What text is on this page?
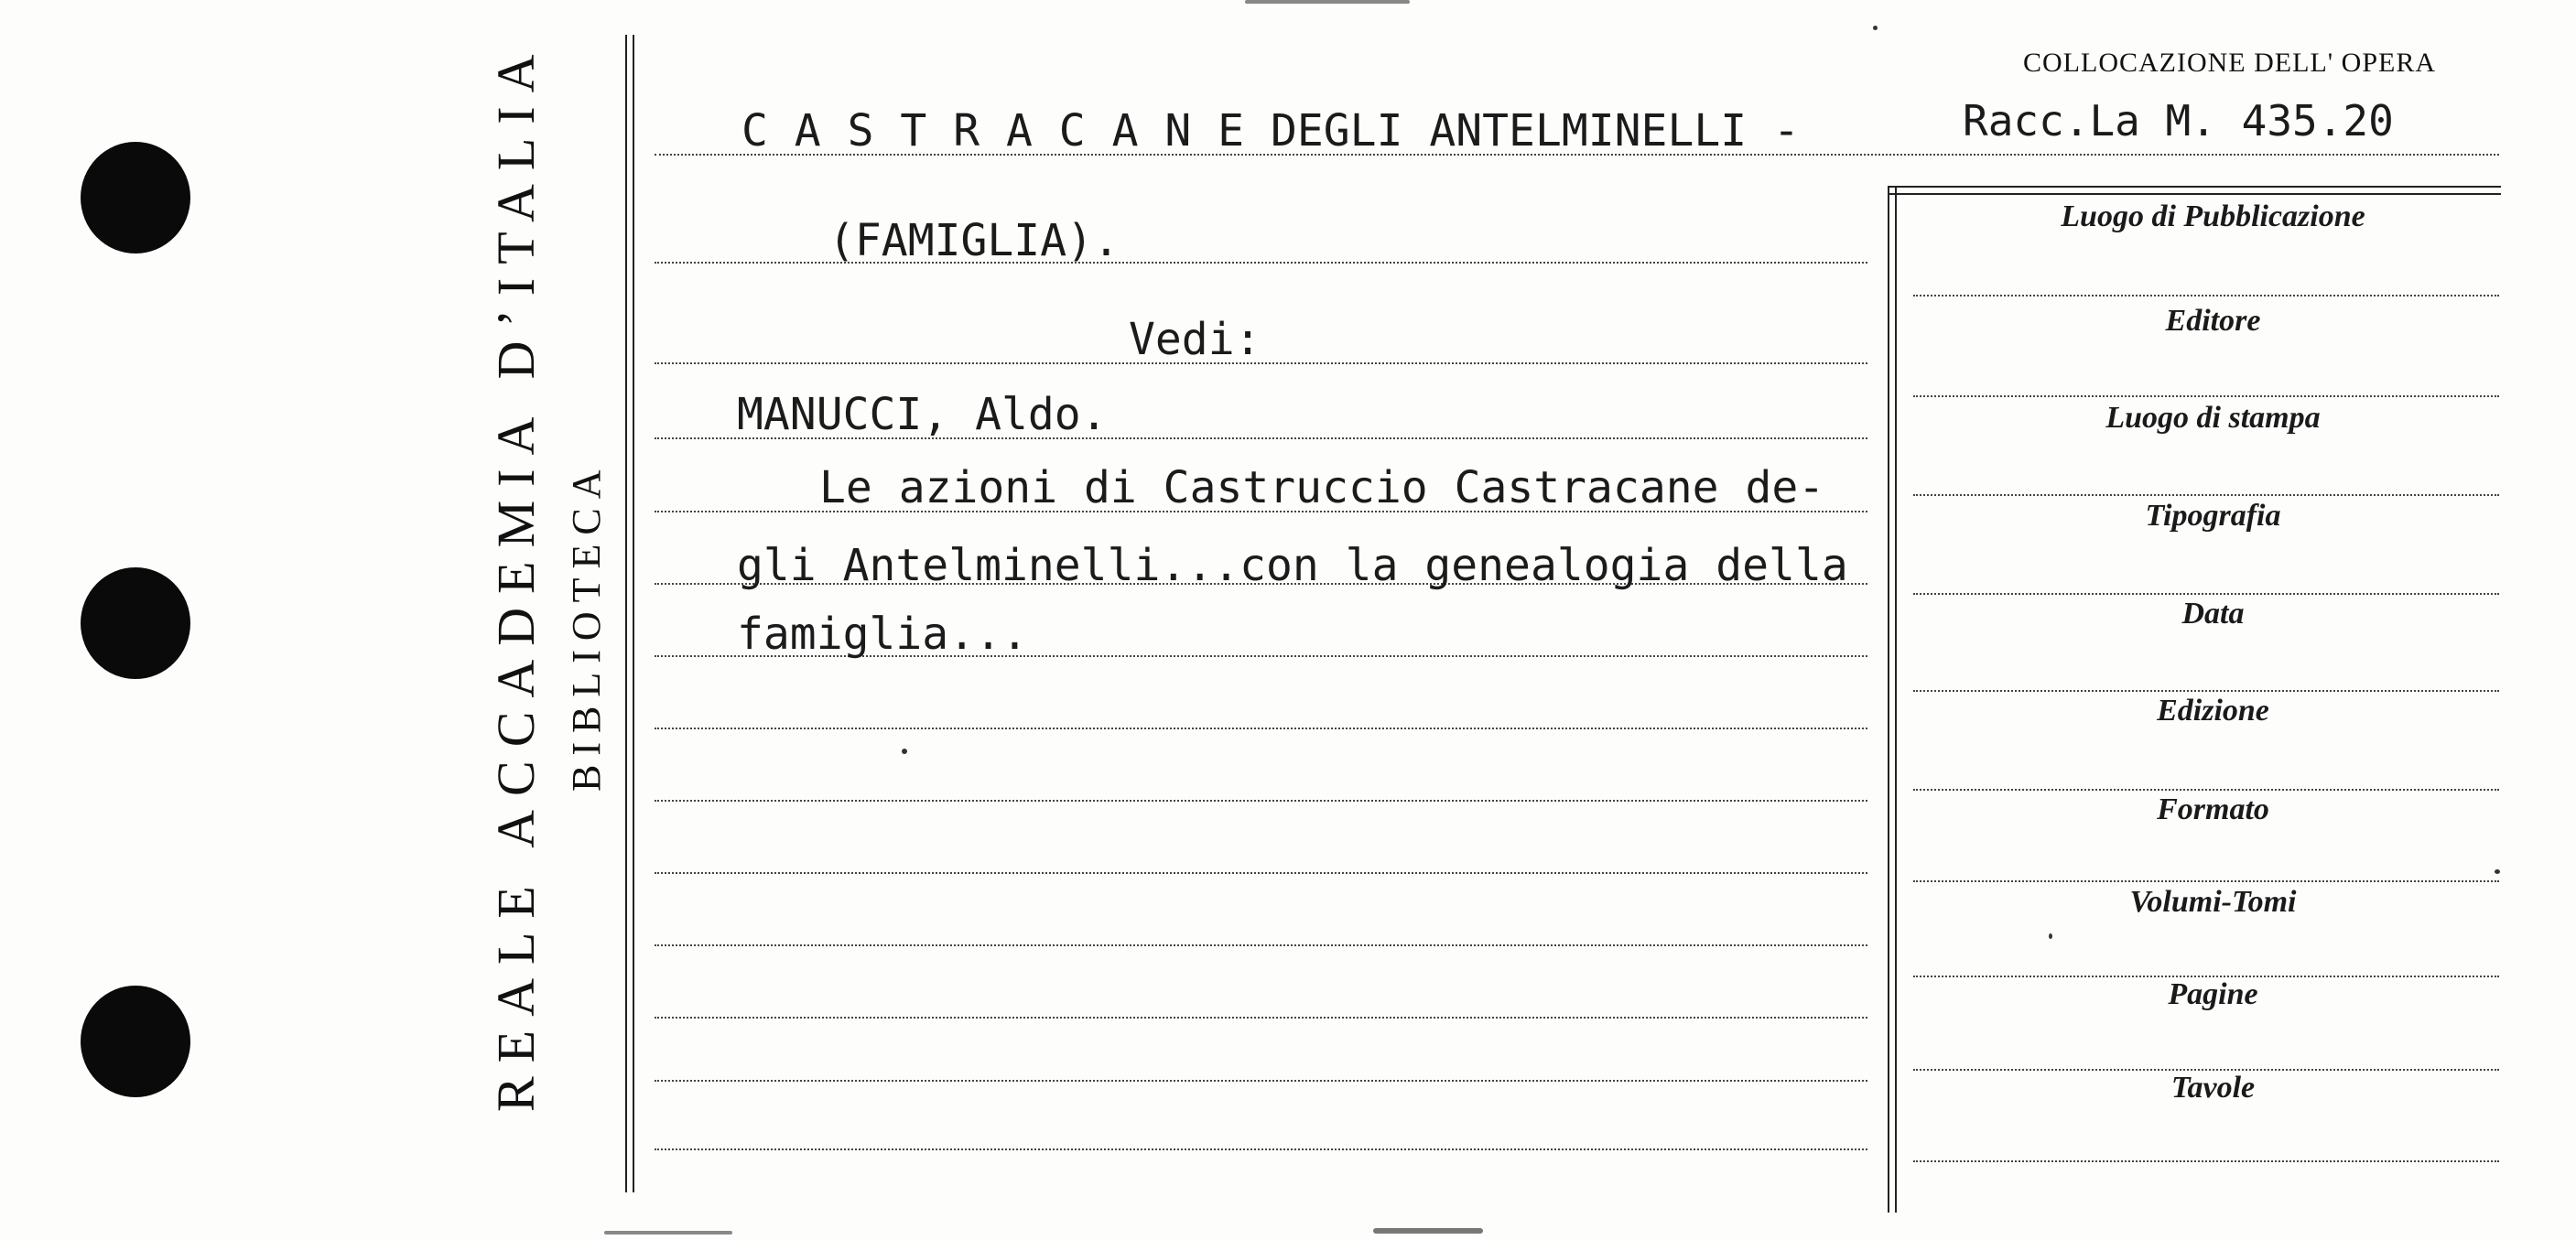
REALE ACCADEMIA D’ITALIA BIBLIOTECA
COLLOCAZIONE DELL' OPERA
Racc.La M. 435.20
C A S T R A C A N E DEGLI ANTELMINELLI -
(FAMIGLIA).
Vedi:
MANUCCI, Aldo.
Le azioni di Castruccio Castracane de-
gli Antelminelli...con la genealogia della
famiglia...
Luogo di Pubblicazione
Editore
Luogo di stampa
Tipografia
Data
Edizione
Formato
Volumi-Tomi
Pagine
Tavole
